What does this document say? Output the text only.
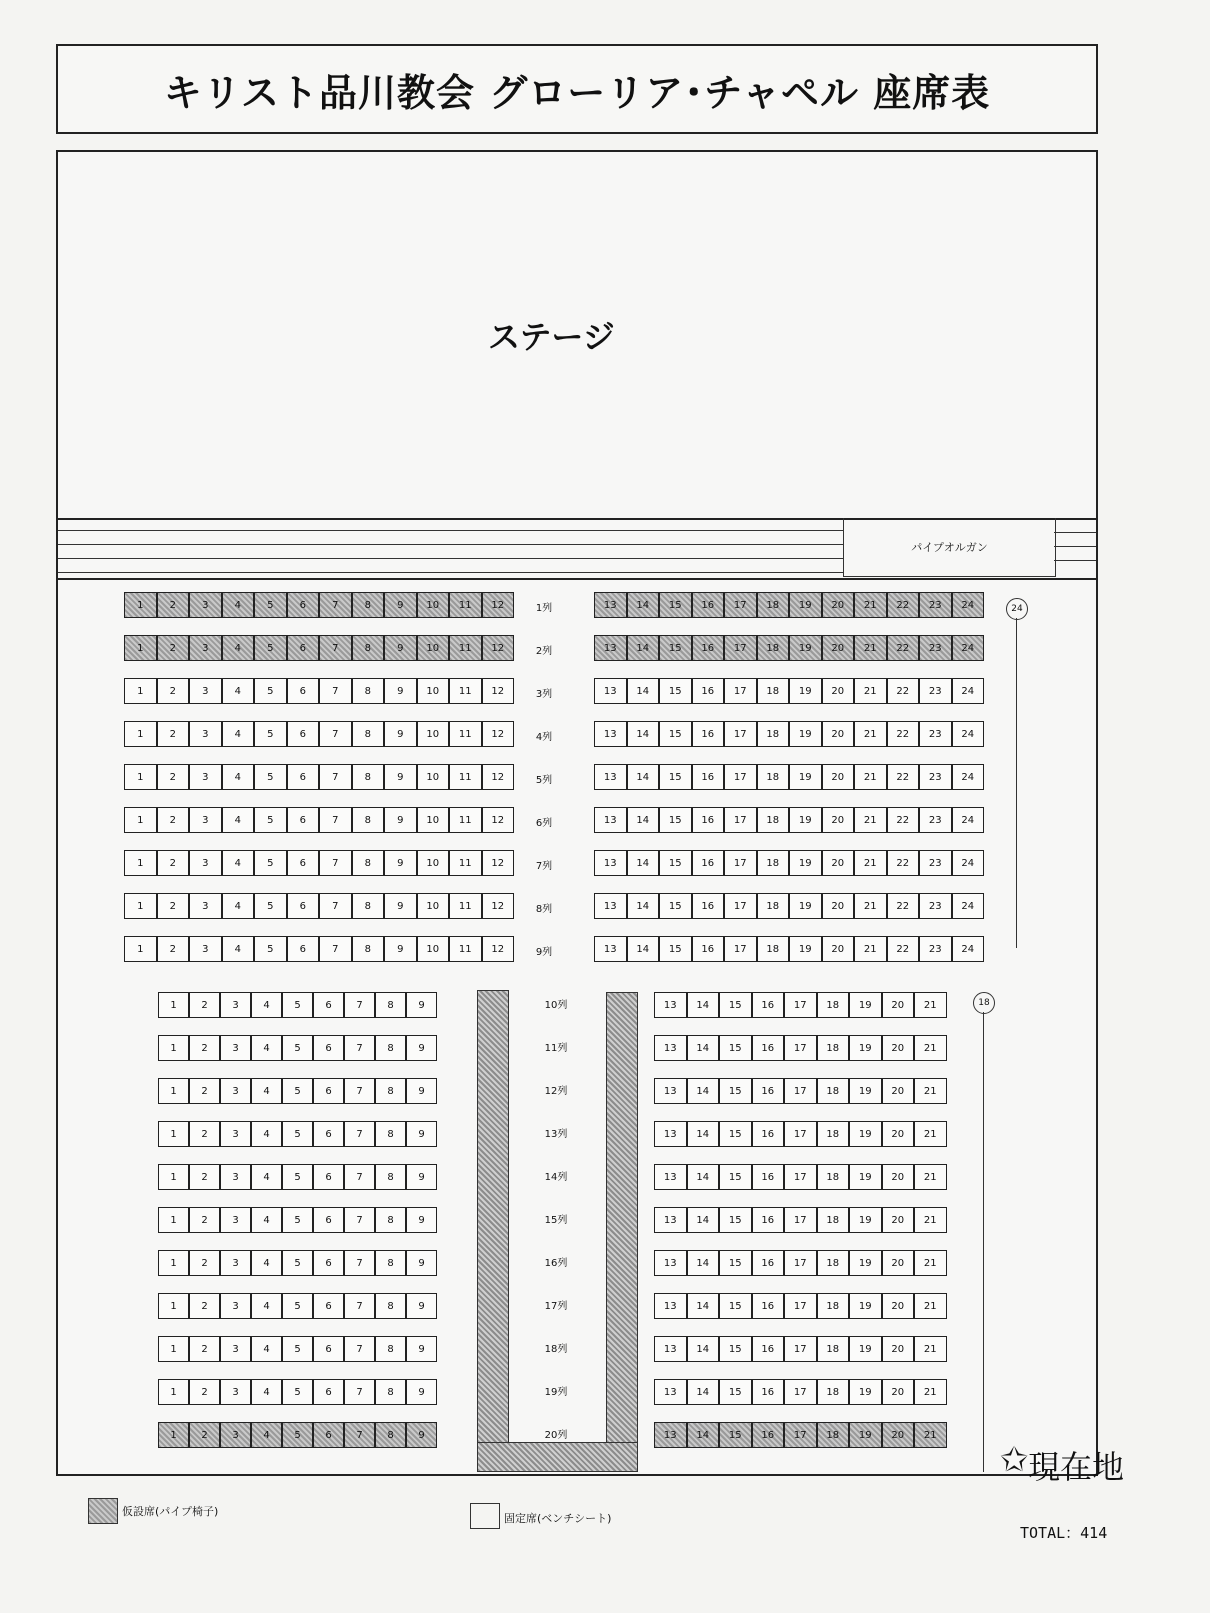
キリスト品川教会 グローリア･チャペル 座席表
ステージ
パイプオルガン
1	2	3	4	5	6	7	8	9	10	11	12	13	14	15	16	17	18	19	20	21	22	23	24
1列
1	2	3	4	5	6	7	8	9	10	11	12	13	14	15	16	17	18	19	20	21	22	23	24
2列
1	2	3	4	5	6	7	8	9	10	11	12	13	14	15	16	17	18	19	20	21	22	23	24
3列
1	2	3	4	5	6	7	8	9	10	11	12	13	14	15	16	17	18	19	20	21	22	23	24
4列
1	2	3	4	5	6	7	8	9	10	11	12	13	14	15	16	17	18	19	20	21	22	23	24
5列
1	2	3	4	5	6	7	8	9	10	11	12	13	14	15	16	17	18	19	20	21	22	23	24
6列
1	2	3	4	5	6	7	8	9	10	11	12	13	14	15	16	17	18	19	20	21	22	23	24
7列
1	2	3	4	5	6	7	8	9	10	11	12	13	14	15	16	17	18	19	20	21	22	23	24
8列
1	2	3	4	5	6	7	8	9	10	11	12	13	14	15	16	17	18	19	20	21	22	23	24
9列
1	2	3	4	5	6	7	8	9	13	14	15	16	17	18	19	20	21
10列
1	2	3	4	5	6	7	8	9	13	14	15	16	17	18	19	20	21
11列
1	2	3	4	5	6	7	8	9	13	14	15	16	17	18	19	20	21
12列
1	2	3	4	5	6	7	8	9	13	14	15	16	17	18	19	20	21
13列
1	2	3	4	5	6	7	8	9	13	14	15	16	17	18	19	20	21
14列
1	2	3	4	5	6	7	8	9	13	14	15	16	17	18	19	20	21
15列
1	2	3	4	5	6	7	8	9	13	14	15	16	17	18	19	20	21
16列
1	2	3	4	5	6	7	8	9	13	14	15	16	17	18	19	20	21
17列
1	2	3	4	5	6	7	8	9	13	14	15	16	17	18	19	20	21
18列
1	2	3	4	5	6	7	8	9	13	14	15	16	17	18	19	20	21
19列
1	2	3	4	5	6	7	8	9	13	14	15	16	17	18	19	20	21
20列
24
18
仮設席(パイプ椅子)
固定席(ベンチシート)
✩ 現在地
TOTAL：414
